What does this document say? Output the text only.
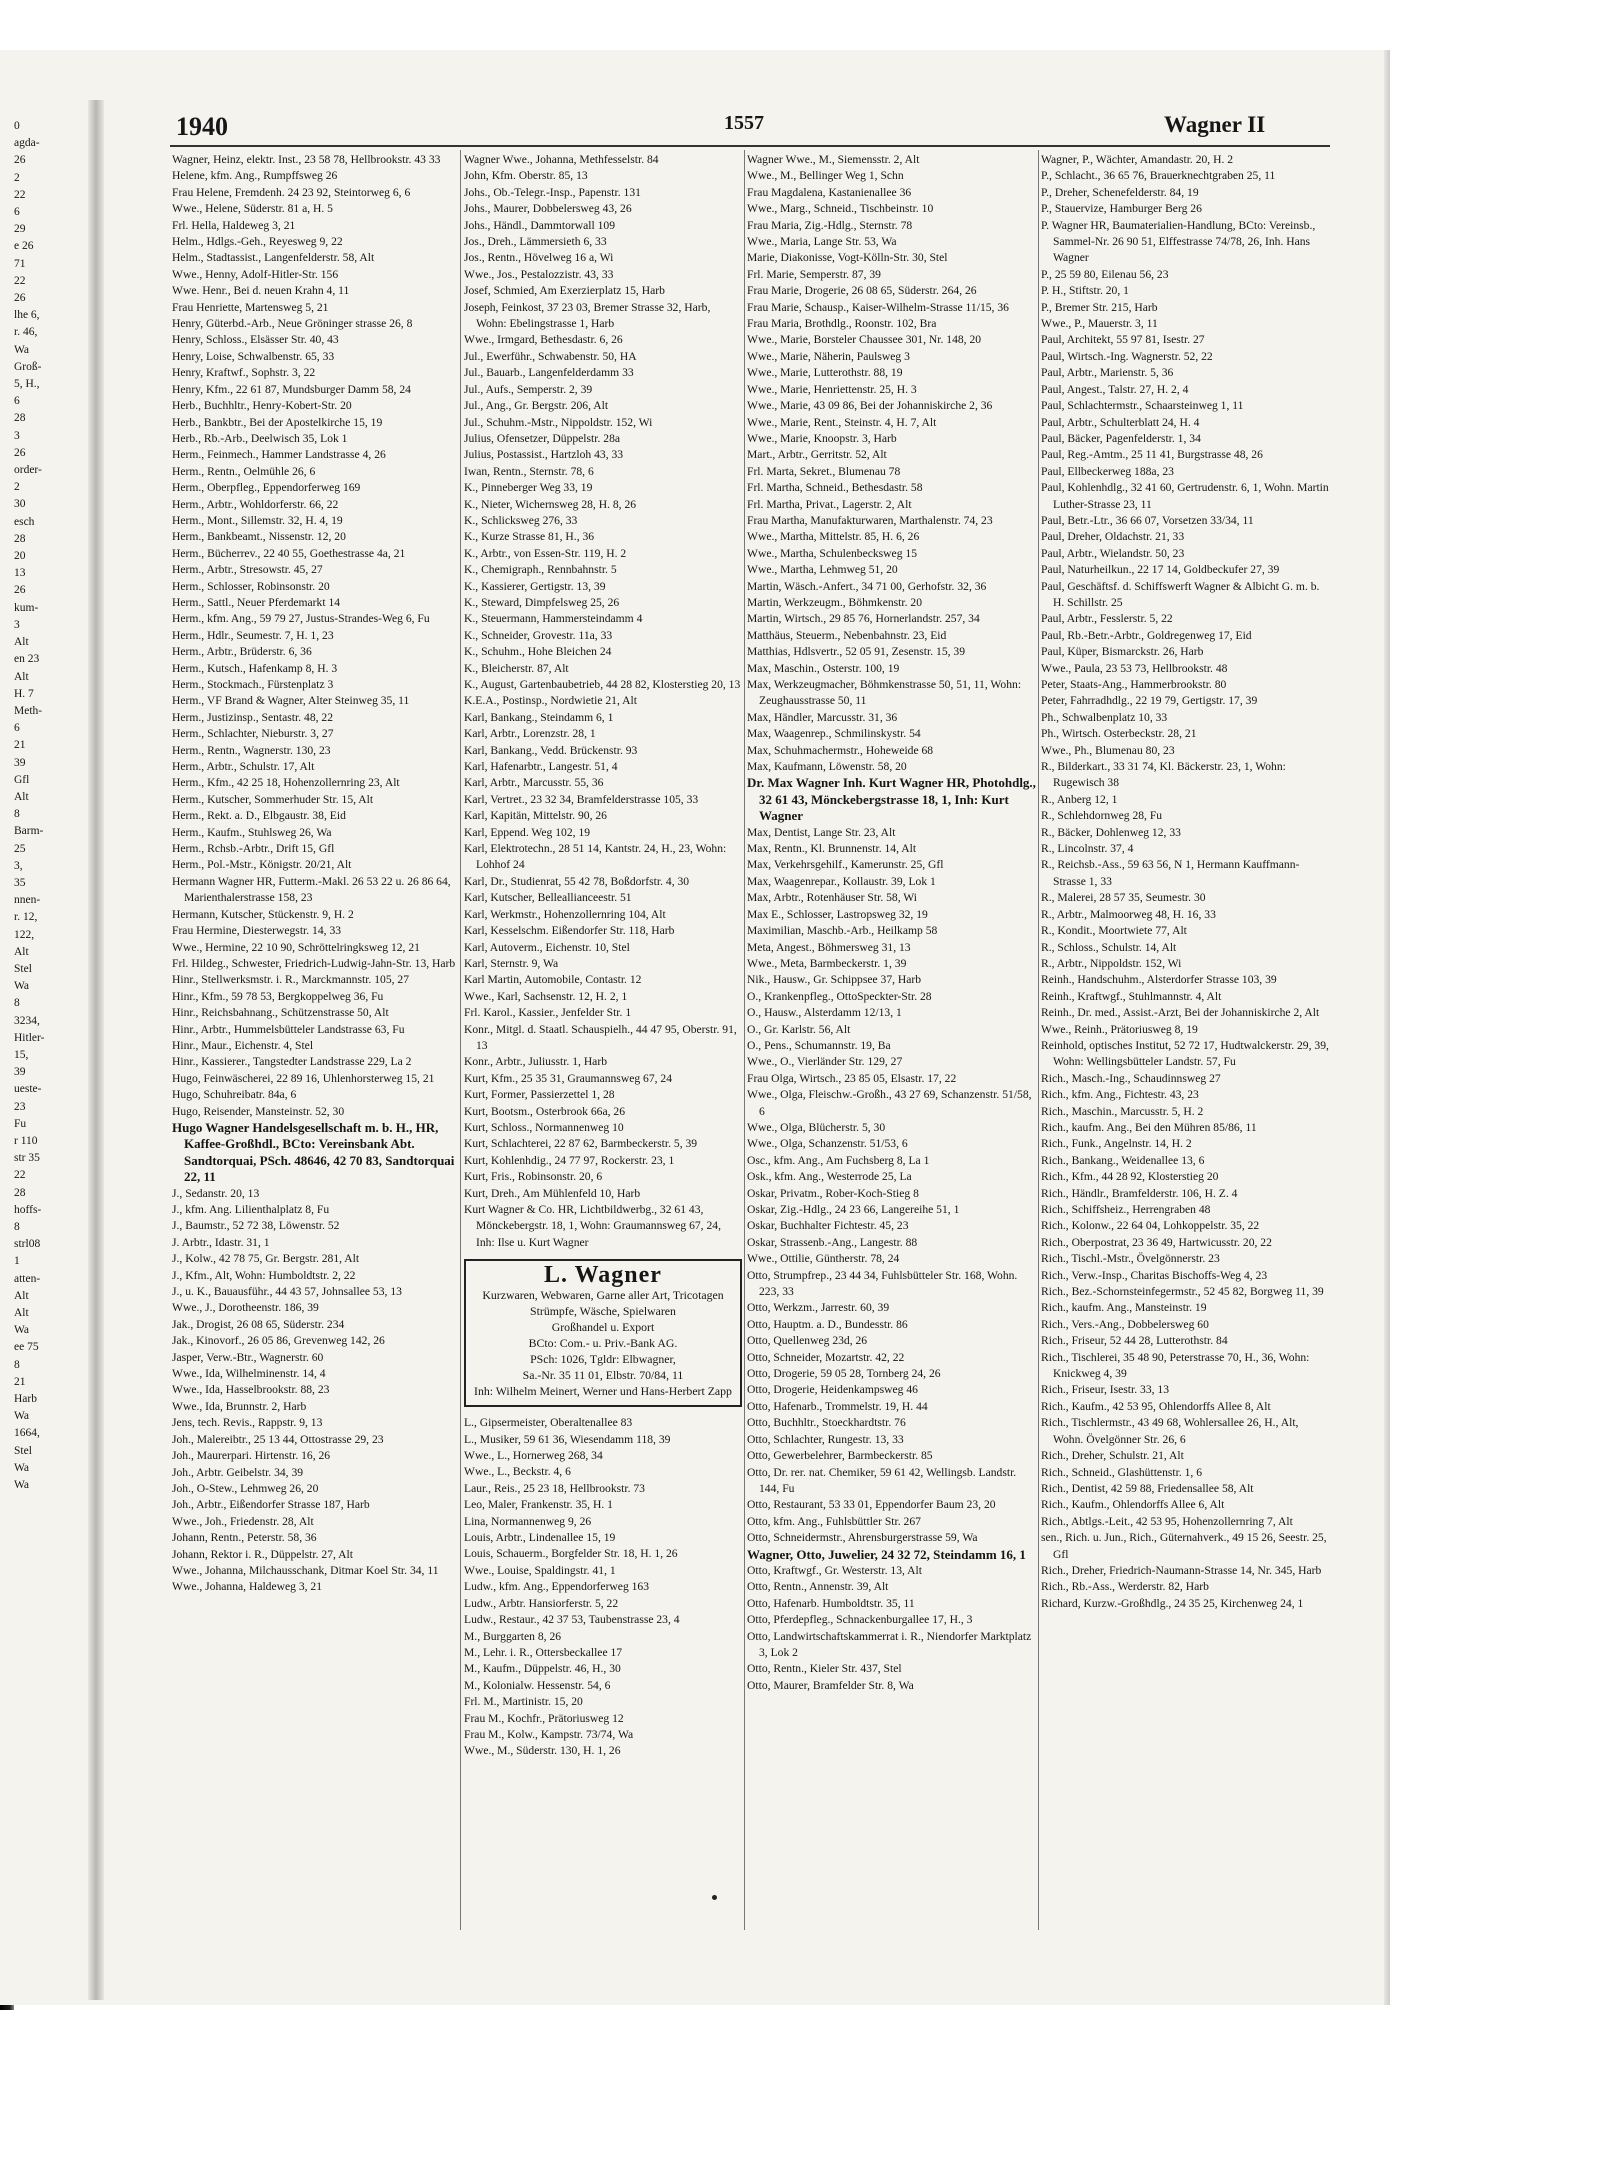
0
agda-
26
2
22
6
29
e 26
71
22
26
lhe 6,
r. 46,
Wa
Groß-
5, H.,
6
28
3
26
order-
2
30
esch
28
20
13
26
kum-
3
Alt
en 23
Alt
H. 7
Meth-
6
21
39
Gfl
Alt
8
Barm-
25
3,
35
nnen-
r. 12,
122,
Alt
Stel
Wa
8
3234,
Hitler-
15,
39
ueste-
23
Fu
r 110
str 35
22
28
hoffs-
8
strl08
1
atten-
Alt
Alt
Wa
ee 75
8
21
Harb
Wa
1664,
Stel
Wa
Wa
1940	1557	Wagner II
Wagner, Heinz, elektr. Inst., 23 58 78, Hellbrookstr. 43 33
Helene, kfm. Ang., Rumpffsweg 26
Frau Helene, Fremdenh. 24 23 92, Steintorweg 6, 6
Wwe., Helene, Süderstr. 81 a, H. 5
Frl. Hella, Haldeweg 3, 21
Helm., Hdlgs.-Geh., Reyesweg 9, 22
Helm., Stadtassist., Langenfelderstr. 58, Alt
Wwe., Henny, Adolf-Hitler-Str. 156
Wwe. Henr., Bei d. neuen Krahn 4, 11
Frau Henriette, Martensweg 5, 21
Henry, Güterbd.-Arb., Neue Gröninger strasse 26, 8
Henry, Schloss., Elsässer Str. 40, 43
Henry, Loise, Schwalbenstr. 65, 33
Henry, Kraftwf., Sophstr. 3, 22
Henry, Kfm., 22 61 87, Mundsburger Damm 58, 24
Herb., Buchhltr., Henry-Kobert-Str. 20
Herb., Bankbtr., Bei der Apostelkirche 15, 19
Herb., Rb.-Arb., Deelwisch 35, Lok 1
Herm., Feinmech., Hammer Landstrasse 4, 26
Herm., Rentn., Oelmühle 26, 6
Herm., Oberpfleg., Eppendorferweg 169
Herm., Arbtr., Wohldorferstr. 66, 22
Herm., Mont., Sillemstr. 32, H. 4, 19
Herm., Bankbeamt., Nissenstr. 12, 20
Herm., Bücherrev., 22 40 55, Goethestrasse 4a, 21
Herm., Arbtr., Stresowstr. 45, 27
Herm., Schlosser, Robinsonstr. 20
Herm., Sattl., Neuer Pferdemarkt 14
Herm., kfm. Ang., 59 79 27, Justus-Strandes-Weg 6, Fu
Herm., Hdlr., Seumestr. 7, H. 1, 23
Herm., Arbtr., Brüderstr. 6, 36
Herm., Kutsch., Hafenkamp 8, H. 3
Herm., Stockmach., Fürstenplatz 3
Herm., VF Brand & Wagner, Alter Steinweg 35, 11
Herm., Justizinsp., Sentastr. 48, 22
Herm., Schlachter, Nieburstr. 3, 27
Herm., Rentn., Wagnerstr. 130, 23
Herm., Arbtr., Schulstr. 17, Alt
Herm., Kfm., 42 25 18, Hohenzollernring 23, Alt
Herm., Kutscher, Sommerhuder Str. 15, Alt
Herm., Rekt. a. D., Elbgaustr. 38, Eid
Herm., Kaufm., Stuhlsweg 26, Wa
Herm., Rchsb.-Arbtr., Drift 15, Gfl
Herm., Pol.-Mstr., Königstr. 20/21, Alt
Hermann Wagner HR, Futterm.-Makl. 26 53 22 u. 26 86 64, Marienthalerstrasse 158, 23
Hermann, Kutscher, Stückenstr. 9, H. 2
Frau Hermine, Diesterwegstr. 14, 33
Wwe., Hermine, 22 10 90, Schröttelringksweg 12, 21
Frl. Hildeg., Schwester, Friedrich-Ludwig-Jahn-Str. 13, Harb
Hinr., Stellwerksmstr. i. R., Marckmannstr. 105, 27
Hinr., Kfm., 59 78 53, Bergkoppelweg 36, Fu
Hinr., Reichsbahnang., Schützenstrasse 50, Alt
Hinr., Arbtr., Hummelsbütteler Landstrasse 63, Fu
Hinr., Maur., Eichenstr. 4, Stel
Hinr., Kassierer., Tangstedter Landstrasse 229, La 2
Hugo, Feinwäscherei, 22 89 16, Uhlenhorsterweg 15, 21
Hugo, Schuhreibatr. 84a, 6
Hugo, Reisender, Mansteinstr. 52, 30
Hugo Wagner Handelsgesellschaft m. b. H., HR, Kaffee-Großhdl., BCto: Vereinsbank Abt. Sandtorquai, PSch. 48646, 42 70 83, Sandtorquai 22, 11
J., Sedanstr. 20, 13
J., kfm. Ang. Lilienthalplatz 8, Fu
J., Baumstr., 52 72 38, Löwenstr. 52
J. Arbtr., Idastr. 31, 1
J., Kolw., 42 78 75, Gr. Bergstr. 281, Alt
J., Kfm., Alt, Wohn: Humboldtstr. 2, 22
J., u. K., Bauausführ., 44 43 57, Johnsallee 53, 13
Wwe., J., Dorotheenstr. 186, 39
Jak., Drogist, 26 08 65, Süderstr. 234
Jak., Kinovorf., 26 05 86, Grevenweg 142, 26
Jasper, Verw.-Btr., Wagnerstr. 60
Wwe., Ida, Wilhelminenstr. 14, 4
Wwe., Ida, Hasselbrookstr. 88, 23
Wwe., Ida, Brunnstr. 2, Harb
Jens, tech. Revis., Rappstr. 9, 13
Joh., Malereibtr., 25 13 44, Ottostrasse 29, 23
Joh., Maurerpari. Hirtenstr. 16, 26
Joh., Arbtr. Geibelstr. 34, 39
Joh., O-Stew., Lehmweg 26, 20
Joh., Arbtr., Eißendorfer Strasse 187, Harb
Wwe., Joh., Friedenstr. 28, Alt
Johann, Rentn., Peterstr. 58, 36
Johann, Rektor i. R., Düppelstr. 27, Alt
Wwe., Johanna, Milchausschank, Ditmar Koel Str. 34, 11
Wwe., Johanna, Haldeweg 3, 21
Wagner Wwe., Johanna, Methfesselstr. 84
John, Kfm. Oberstr. 85, 13
Johs., Ob.-Telegr.-Insp., Papenstr. 131
Johs., Maurer, Dobbelersweg 43, 26
Johs., Händl., Dammtorwall 109
Jos., Dreh., Lämmersieth 6, 33
Jos., Rentn., Hövelweg 16 a, Wi
Wwe., Jos., Pestalozzistr. 43, 33
Josef, Schmied, Am Exerzierplatz 15, Harb
Joseph, Feinkost, 37 23 03, Bremer Strasse 32, Harb, Wohn: Ebelingstrasse 1, Harb
Wwe., Irmgard, Bethesdastr. 6, 26
Jul., Ewerführ., Schwabenstr. 50, HA
Jul., Bauarb., Langenfelderdamm 33
Jul., Aufs., Semperstr. 2, 39
Jul., Ang., Gr. Bergstr. 206, Alt
Jul., Schuhm.-Mstr., Nippoldstr. 152, Wi
Julius, Ofensetzer, Düppelstr. 28a
Julius, Postassist., Hartzloh 43, 33
Iwan, Rentn., Sternstr. 78, 6
K., Pinneberger Weg 33, 19
K., Nieter, Wichernsweg 28, H. 8, 26
K., Schlicksweg 276, 33
K., Kurze Strasse 81, H., 36
K., Arbtr., von Essen-Str. 119, H. 2
K., Chemigraph., Rennbahnstr. 5
K., Kassierer, Gertigstr. 13, 39
K., Steward, Dimpfelsweg 25, 26
K., Steuermann, Hammersteindamm 4
K., Schneider, Grovestr. 11a, 33
K., Schuhm., Hohe Bleichen 24
K., Bleicherstr. 87, Alt
K., August, Gartenbaubetrieb, 44 28 82, Klosterstieg 20, 13
K.E.A., Postinsp., Nordwietie 21, Alt
Karl, Bankang., Steindamm 6, 1
Karl, Arbtr., Lorenzstr. 28, 1
Karl, Bankang., Vedd. Brückenstr. 93
Karl, Hafenarbtr., Langestr. 51, 4
Karl, Arbtr., Marcusstr. 55, 36
Karl, Vertret., 23 32 34, Bramfelderstrasse 105, 33
Karl, Kapitän, Mittelstr. 90, 26
Karl, Eppend. Weg 102, 19
Karl, Elektrotechn., 28 51 14, Kantstr. 24, H., 23, Wohn: Lohhof 24
Karl, Dr., Studienrat, 55 42 78, Boßdorfstr. 4, 30
Karl, Kutscher, Belleallianceestr. 51
Karl, Werkmstr., Hohenzollernring 104, Alt
Karl, Kesselschm. Eißendorfer Str. 118, Harb
Karl, Autoverm., Eichenstr. 10, Stel
Karl, Sternstr. 9, Wa
Karl Martin, Automobile, Contastr. 12
Wwe., Karl, Sachsenstr. 12, H. 2, 1
Frl. Karol., Kassier., Jenfelder Str. 1
Konr., Mitgl. d. Staatl. Schauspielh., 44 47 95, Oberstr. 91, 13
Konr., Arbtr., Juliusstr. 1, Harb
Kurt, Kfm., 25 35 31, Graumannsweg 67, 24
Kurt, Former, Passierzettel 1, 28
Kurt, Bootsm., Osterbrook 66a, 26
Kurt, Schloss., Normannenweg 10
Kurt, Schlachterei, 22 87 62, Barmbeckerstr. 5, 39
Kurt, Kohlenhdig., 24 77 97, Rockerstr. 23, 1
Kurt, Fris., Robinsonstr. 20, 6
Kurt, Dreh., Am Mühlenfeld 10, Harb
Kurt Wagner & Co. HR, Lichtbildwerbg., 32 61 43, Mönckebergstr. 18, 1, Wohn: Graumannsweg 67, 24, Inh: Ilse u. Kurt Wagner
L. Wagner
Kurzwaren, Webwaren, Garne aller Art, Tricotagen
Strümpfe, Wäsche, Spielwaren
Großhandel u. Export
BCto: Com.- u. Priv.-Bank AG.
PSch: 1026, Tgldr: Elbwagner,
Sa.-Nr. 35 11 01, Elbstr. 70/84, 11
Inh: Wilhelm Meinert, Werner und Hans-Herbert Zapp
L., Gipsermeister, Oberaltenallee 83
L., Musiker, 59 61 36, Wiesendamm 118, 39
Wwe., L., Hornerweg 268, 34
Wwe., L., Beckstr. 4, 6
Laur., Reis., 25 23 18, Hellbrookstr. 73
Leo, Maler, Frankenstr. 35, H. 1
Lina, Normannenweg 9, 26
Louis, Arbtr., Lindenallee 15, 19
Louis, Schauerm., Borgfelder Str. 18, H. 1, 26
Wwe., Louise, Spaldingstr. 41, 1
Ludw., kfm. Ang., Eppendorferweg 163
Ludw., Arbtr. Hansiorferstr. 5, 22
Ludw., Restaur., 42 37 53, Taubenstrasse 23, 4
M., Burggarten 8, 26
M., Lehr. i. R., Ottersbeckallee 17
M., Kaufm., Düppelstr. 46, H., 30
M., Kolonialw. Hessenstr. 54, 6
Frl. M., Martinistr. 15, 20
Frau M., Kochfr., Prätoriusweg 12
Frau M., Kolw., Kampstr. 73/74, Wa
Wwe., M., Süderstr. 130, H. 1, 26
Wagner Wwe., M., Siemensstr. 2, Alt
Wwe., M., Bellinger Weg 1, Schn
Frau Magdalena, Kastanienallee 36
Wwe., Marg., Schneid., Tischbeinstr. 10
Frau Maria, Zig.-Hdlg., Sternstr. 78
Wwe., Maria, Lange Str. 53, Wa
Marie, Diakonisse, Vogt-Kölln-Str. 30, Stel
Frl. Marie, Semperstr. 87, 39
Frau Marie, Drogerie, 26 08 65, Süderstr. 264, 26
Frau Marie, Schausp., Kaiser-Wilhelm-Strasse 11/15, 36
Frau Maria, Brothdlg., Roonstr. 102, Bra
Wwe., Marie, Borsteler Chaussee 301, Nr. 148, 20
Wwe., Marie, Näherin, Paulsweg 3
Wwe., Marie, Lutterothstr. 88, 19
Wwe., Marie, Henriettenstr. 25, H. 3
Wwe., Marie, 43 09 86, Bei der Johanniskirche 2, 36
Wwe., Marie, Rent., Steinstr. 4, H. 7, Alt
Wwe., Marie, Knoopstr. 3, Harb
Mart., Arbtr., Gerritstr. 52, Alt
Frl. Marta, Sekret., Blumenau 78
Frl. Martha, Schneid., Bethesdastr. 58
Frl. Martha, Privat., Lagerstr. 2, Alt
Frau Martha, Manufakturwaren, Marthalenstr. 74, 23
Wwe., Martha, Mittelstr. 85, H. 6, 26
Wwe., Martha, Schulenbecksweg 15
Wwe., Martha, Lehmweg 51, 20
Martin, Wäsch.-Anfert., 34 71 00, Gerhofstr. 32, 36
Martin, Werkzeugm., Böhmkenstr. 20
Martin, Wirtsch., 29 85 76, Hornerlandstr. 257, 34
Matthäus, Steuerm., Nebenbahnstr. 23, Eid
Matthias, Hdlsvertr., 52 05 91, Zesenstr. 15, 39
Max, Maschin., Osterstr. 100, 19
Max, Werkzeugmacher, Böhmkenstrasse 50, 51, 11, Wohn: Zeughausstrasse 50, 11
Max, Händler, Marcusstr. 31, 36
Max, Waagenrep., Schmilinskystr. 54
Max, Schuhmachermstr., Hoheweide 68
Max, Kaufmann, Löwenstr. 58, 20
Dr. Max Wagner Inh. Kurt Wagner HR, Photohdlg., 32 61 43, Mönckebergstrasse 18, 1, Inh: Kurt Wagner
Max, Dentist, Lange Str. 23, Alt
Max, Rentn., Kl. Brunnenstr. 14, Alt
Max, Verkehrsgehilf., Kamerunstr. 25, Gfl
Max, Waagenrepar., Kollaustr. 39, Lok 1
Max, Arbtr., Rotenhäuser Str. 58, Wi
Max E., Schlosser, Lastropsweg 32, 19
Maximilian, Maschb.-Arb., Heilkamp 58
Meta, Angest., Böhmersweg 31, 13
Wwe., Meta, Barmbeckerstr. 1, 39
Nik., Hausw., Gr. Schippsee 37, Harb
O., Krankenpfleg., OttoSpeckter-Str. 28
O., Hausw., Alsterdamm 12/13, 1
O., Gr. Karlstr. 56, Alt
O., Pens., Schumannstr. 19, Ba
Wwe., O., Vierländer Str. 129, 27
Frau Olga, Wirtsch., 23 85 05, Elsastr. 17, 22
Wwe., Olga, Fleischw.-Großh., 43 27 69, Schanzenstr. 51/58, 6
Wwe., Olga, Blücherstr. 5, 30
Wwe., Olga, Schanzenstr. 51/53, 6
Osc., kfm. Ang., Am Fuchsberg 8, La 1
Osk., kfm. Ang., Westerrode 25, La
Oskar, Privatm., Rober-Koch-Stieg 8
Oskar, Zig.-Hdlg., 24 23 66, Langereihe 51, 1
Oskar, Buchhalter Fichtestr. 45, 23
Oskar, Strassenb.-Ang., Langestr. 88
Wwe., Ottilie, Güntherstr. 78, 24
Otto, Strumpfrep., 23 44 34, Fuhlsbütteler Str. 168, Wohn. 223, 33
Otto, Werkzm., Jarrestr. 60, 39
Otto, Hauptm. a. D., Bundesstr. 86
Otto, Quellenweg 23d, 26
Otto, Schneider, Mozartstr. 42, 22
Otto, Drogerie, 59 05 28, Tornberg 24, 26
Otto, Drogerie, Heidenkampsweg 46
Otto, Hafenarb., Trommelstr. 19, H. 44
Otto, Buchhltr., Stoeckhardtstr. 76
Otto, Schlachter, Rungestr. 13, 33
Otto, Gewerbelehrer, Barmbeckerstr. 85
Otto, Dr. rer. nat. Chemiker, 59 61 42, Wellingsb. Landstr. 144, Fu
Otto, Restaurant, 53 33 01, Eppendorfer Baum 23, 20
Otto, kfm. Ang., Fuhlsbüttler Str. 267
Otto, Schneidermstr., Ahrensburgerstrasse 59, Wa
Wagner, Otto, Juwelier, 24 32 72, Steindamm 16, 1
Otto, Kraftwgf., Gr. Westerstr. 13, Alt
Otto, Rentn., Annenstr. 39, Alt
Otto, Hafenarb. Humboldtstr. 35, 11
Otto, Pferdepfleg., Schnackenburgallee 17, H., 3
Otto, Landwirtschaftskammerrat i. R., Niendorfer Marktplatz 3, Lok 2
Otto, Rentn., Kieler Str. 437, Stel
Otto, Maurer, Bramfelder Str. 8, Wa
Wagner, P., Wächter, Amandastr. 20, H. 2
P., Schlacht., 36 65 76, Brauerknechtgraben 25, 11
P., Dreher, Schenefelderstr. 84, 19
P., Stauervize, Hamburger Berg 26
P. Wagner HR, Baumaterialien-Handlung, BCto: Vereinsb., Sammel-Nr. 26 90 51, Elffestrasse 74/78, 26, Inh. Hans Wagner
P., 25 59 80, Eilenau 56, 23
P. H., Stiftstr. 20, 1
P., Bremer Str. 215, Harb
Wwe., P., Mauerstr. 3, 11
Paul, Architekt, 55 97 81, Isestr. 27
Paul, Wirtsch.-Ing. Wagnerstr. 52, 22
Paul, Arbtr., Marienstr. 5, 36
Paul, Angest., Talstr. 27, H. 2, 4
Paul, Schlachtermstr., Schaarsteinweg 1, 11
Paul, Arbtr., Schulterblatt 24, H. 4
Paul, Bäcker, Pagenfelderstr. 1, 34
Paul, Reg.-Amtm., 25 11 41, Burgstrasse 48, 26
Paul, Ellbeckerweg 188a, 23
Paul, Kohlenhdlg., 32 41 60, Gertrudenstr. 6, 1, Wohn. Martin Luther-Strasse 23, 11
Paul, Betr.-Ltr., 36 66 07, Vorsetzen 33/34, 11
Paul, Dreher, Oldachstr. 21, 33
Paul, Arbtr., Wielandstr. 50, 23
Paul, Naturheilkun., 22 17 14, Goldbeckufer 27, 39
Paul, Geschäftsf. d. Schiffswerft Wagner & Albicht G. m. b. H. Schillstr. 25
Paul, Arbtr., Fesslerstr. 5, 22
Paul, Rb.-Betr.-Arbtr., Goldregenweg 17, Eid
Paul, Küper, Bismarckstr. 26, Harb
Wwe., Paula, 23 53 73, Hellbrookstr. 48
Peter, Staats-Ang., Hammerbrookstr. 80
Peter, Fahrradhdlg., 22 19 79, Gertigstr. 17, 39
Ph., Schwalbenplatz 10, 33
Ph., Wirtsch. Osterbeckstr. 28, 21
Wwe., Ph., Blumenau 80, 23
R., Bilderkart., 33 31 74, Kl. Bäckerstr. 23, 1, Wohn: Rugewisch 38
R., Anberg 12, 1
R., Schlehdornweg 28, Fu
R., Bäcker, Dohlenweg 12, 33
R., Lincolnstr. 37, 4
R., Reichsb.-Ass., 59 63 56, N 1, Hermann Kauffmann-Strasse 1, 33
R., Malerei, 28 57 35, Seumestr. 30
R., Arbtr., Malmoorweg 48, H. 16, 33
R., Kondit., Moortwiete 77, Alt
R., Schloss., Schulstr. 14, Alt
R., Arbtr., Nippoldstr. 152, Wi
Reinh., Handschuhm., Alsterdorfer Strasse 103, 39
Reinh., Kraftwgf., Stuhlmannstr. 4, Alt
Reinh., Dr. med., Assist.-Arzt, Bei der Johanniskirche 2, Alt
Wwe., Reinh., Prätoriusweg 8, 19
Reinhold, optisches Institut, 52 72 17, Hudtwalckerstr. 29, 39, Wohn: Wellingsbütteler Landstr. 57, Fu
Rich., Masch.-Ing., Schaudinnsweg 27
Rich., kfm. Ang., Fichtestr. 43, 23
Rich., Maschin., Marcusstr. 5, H. 2
Rich., kaufm. Ang., Bei den Mühren 85/86, 11
Rich., Funk., Angelnstr. 14, H. 2
Rich., Bankang., Weidenallee 13, 6
Rich., Kfm., 44 28 92, Klosterstieg 20
Rich., Händlr., Bramfelderstr. 106, H. Z. 4
Rich., Schiffsheiz., Herrengraben 48
Rich., Kolonw., 22 64 04, Lohkoppelstr. 35, 22
Rich., Oberpostrat, 23 36 49, Hartwicusstr. 20, 22
Rich., Tischl.-Mstr., Övelgönnerstr. 23
Rich., Verw.-Insp., Charitas Bischoffs-Weg 4, 23
Rich., Bez.-Schornsteinfegermstr., 52 45 82, Borgweg 11, 39
Rich., kaufm. Ang., Mansteinstr. 19
Rich., Vers.-Ang., Dobbelersweg 60
Rich., Friseur, 52 44 28, Lutterothstr. 84
Rich., Tischlerei, 35 48 90, Peterstrasse 70, H., 36, Wohn: Knickweg 4, 39
Rich., Friseur, Isestr. 33, 13
Rich., Kaufm., 42 53 95, Ohlendorffs Allee 8, Alt
Rich., Tischlermstr., 43 49 68, Wohlersallee 26, H., Alt, Wohn. Övelgönner Str. 26, 6
Rich., Dreher, Schulstr. 21, Alt
Rich., Schneid., Glashüttenstr. 1, 6
Rich., Dentist, 42 59 88, Friedensallee 58, Alt
Rich., Kaufm., Ohlendorffs Allee 6, Alt
Rich., Abtlgs.-Leit., 42 53 95, Hohenzollernring 7, Alt
sen., Rich. u. Jun., Rich., Güternahverk., 49 15 26, Seestr. 25, Gfl
Rich., Dreher, Friedrich-Naumann-Strasse 14, Nr. 345, Harb
Rich., Rb.-Ass., Werderstr. 82, Harb
Richard, Kurzw.-Großhdlg., 24 35 25, Kirchenweg 24, 1
